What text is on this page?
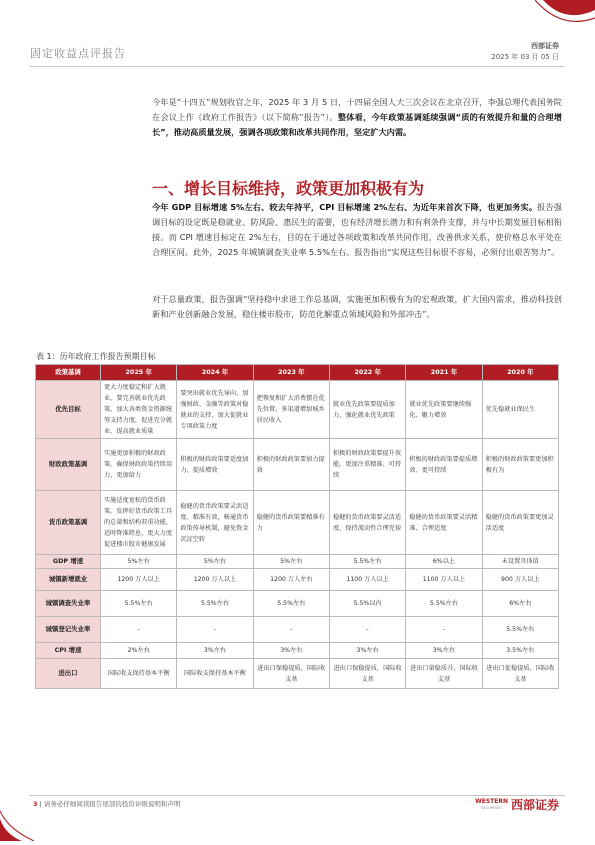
固定收益点评报告
西部证券
2025 年 03 月 05 日
今年是“十四五”规划收官之年，2025 年 3 月 5 日，十四届全国人大三次会议在北京召开，李强总理代表国务院在会议上作《政府工作报告》（以下简称“报告”）。整体看，今年政策基调延续强调“质的有效提升和量的合理增长”，推动高质量发展，强调各项政策和改革共同作用，坚定扩大内需。
一、增长目标维持，政策更加积极有为
今年 GDP 目标增速 5%左右、较去年持平，CPI 目标增速 2%左右、为近年来首次下降，也更加务实。报告强调目标的设定既是稳就业、防风险、惠民生的需要，也有经济增长潜力和有利条件支撑，并与中长期发展目标相衔接。而 CPI 增速目标定在 2%左右，目的在于通过各项政策和改革共同作用，改善供求关系，使价格总水平处在合理区间。此外，2025 年城镇调查失业率 5.5%左右。报告指出“实现这些目标很不容易，必须付出艰苦努力”。
对于总量政策，报告强调“坚持稳中求进工作总基调，实施更加积极有为的宏观政策，扩大国内需求，推动科技创新和产业创新融合发展，稳住楼市股市，防范化解重点领域风险和外部冲击”。
表 1：历年政府工作报告预期目标
政策基调	2025 年	2024 年	2023 年	2022 年	2021 年	2020 年
优先目标	更大力度稳定和扩大就业。要完善就业优先政策，加大各类资金资源统筹支持力度，促进充分就业、提高就业质量	要突出就业优先导向，加强财政、金融等政策对稳就业的支持，加大促就业专项政策力度	把恢复和扩大消费摆在优先位置，多渠道增加城乡居民收入	就业优先政策要提质加力，强化就业优先政策	就业优先政策要继续强化、聚力增效	优先稳就业保民生
财政政策基调	实施更加积极的财政政策。确保财政政策持续用力、更加给力	积极的财政政策要适度加力、提质增效	积极的财政政策要加力提效	积极的财政政策要提升效能，更加注重精准、可持续	积极的财政政策要提质增效、更可持续	积极的财政政策要更加积极有为
货币政策基调	实施适度宽松的货币政策。发挥好货币政策工具的总量和结构双重功能，适时降准降息，更大力度促进楼市股市健康发展	稳健的货币政策要灵活适度、精准有效，畅通货币政策传导机制，避免资金沉淀空转	稳健的货币政策要精准有力	稳健的货币政策要灵活适度，保持流动性合理充裕	稳健的货币政策要灵活精准、合理适度	稳健的货币政策要更加灵活适度
GDP 增速	5%左右	5%左右	5%左右	5.5%左右	6%以上	未设置具体值
城镇新增就业	1200 万人以上	1200 万人以上	1200 万人左右	1100 万人以上	1100 万人以上	900 万人以上
城镇调查失业率	5.5%左右	5.5%左右	5.5%左右	5.5%以内	5.5%左右	6%左右
城镇登记失业率	-	-	-	-	-	5.5%左右
CPI 增速	2%左右	3%左右	3%左右	3%左右	3%左右	3.5%左右
进出口	国际收支保持基本平衡	国际收支保持基本平衡	进出口保稳提质，国际收支基	进出口保稳提质，国际收支基	进出口量稳质升，国际收支基	进出口促稳提质，国际收支基
3 | 请务必仔细阅读报告尾部的投资评级说明和声明	WESTERN
SECURITIES 西部证券
